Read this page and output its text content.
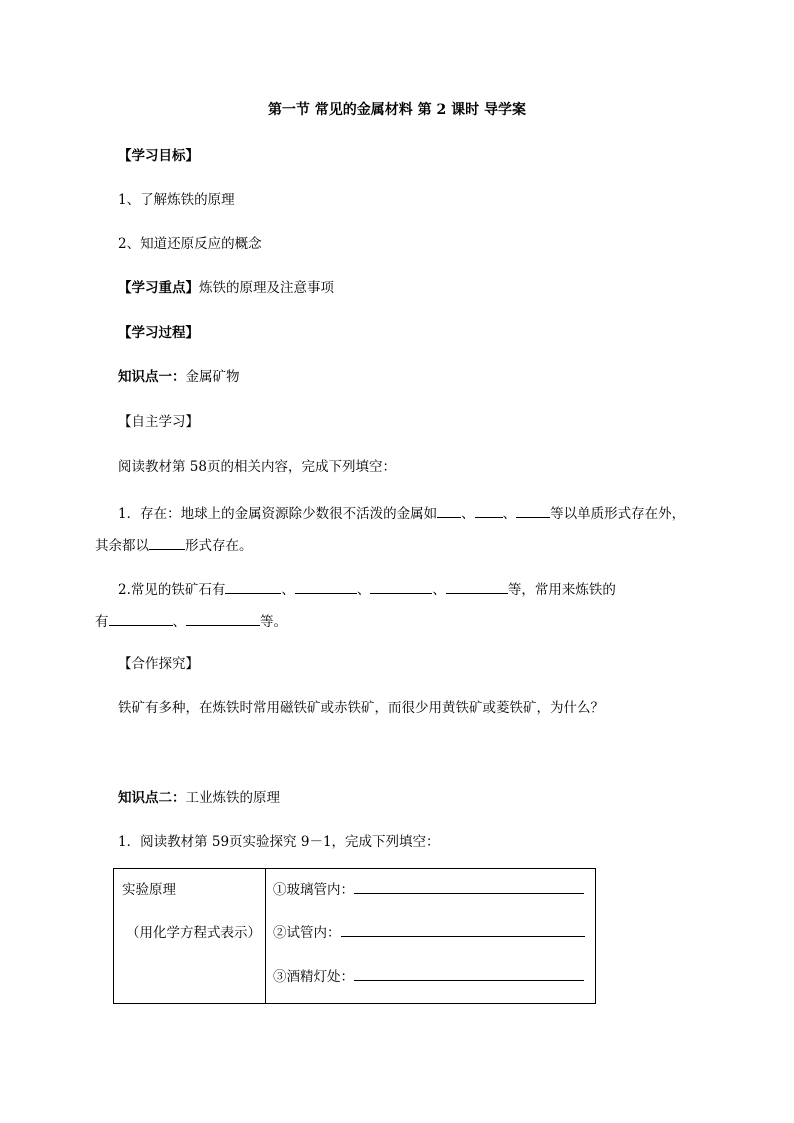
第一节 常见的金属材料 第 2 课时 导学案
【学习目标】
1、了解炼铁的原理
2、知道还原反应的概念
【学习重点】炼铁的原理及注意事项
【学习过程】
知识点一：金属矿物
【自主学习】
阅读教材第 58页的相关内容，完成下列填空：
1．存在：地球上的金属资源除少数很不活泼的金属如 、 、	等以单质形式存在外，
其余都以	形式存在。
2.常见的铁矿石有	、	、	、	等，常用来炼铁的
有	、	等。
【合作探究】
铁矿有多种，在炼铁时常用磁铁矿或赤铁矿，而很少用黄铁矿或菱铁矿，为什么？
知识点二：工业炼铁的原理
1．阅读教材第 59页实验探究 9－1，完成下列填空：
实验原理
（用化学方程式表示）

①玻璃管内：
②试管内：
③酒精灯处：
